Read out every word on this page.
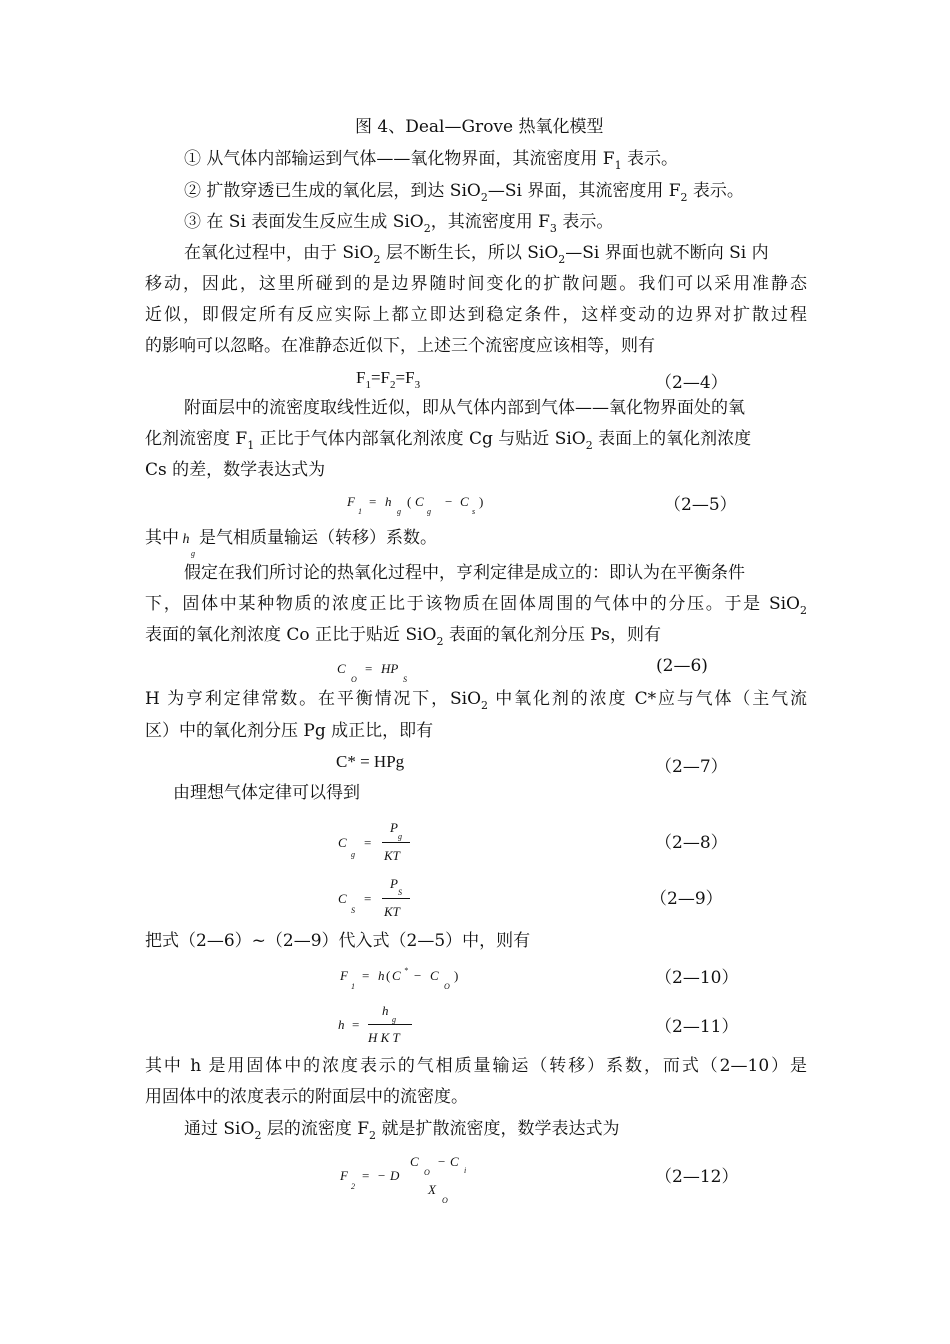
图 4、Deal—Grove 热氧化模型
① 从气体内部输运到气体——氧化物界面，其流密度用 $F_1$ 表示。
② 扩散穿透已生成的氧化层，到达 SiO$_2$—Si 界面，其流密度用 $F_2$ 表示。
③ 在 Si 表面发生反应生成 SiO$_2$，其流密度用 $F_3$ 表示。
在氧化过程中，由于 SiO$_2$ 层不断生长，所以 SiO$_2$—Si 界面也就不断向 Si 内
移动，因此，这里所碰到的是边界随时间变化的扩散问题。我们可以采用准静态
近似，即假定所有反应实际上都立即达到稳定条件，这样变动的边界对扩散过程
的影响可以忽略。在准静态近似下，上述三个流密度应该相等，则有
$F_1=F_2=F_3$	（2—4）
附面层中的流密度取线性近似，即从气体内部到气体——氧化物界面处的氧
化剂流密度 $F_1$ 正比于气体内部氧化剂浓度 Cg 与贴近 SiO$_2$ 表面上的氧化剂浓度
Cs 的差，数学表达式为
F
1
= h
g
( C
g
− C
s
)	（2—5）
其中 h
g
是气相质量输运（转移）系数。
假定在我们所讨论的热氧化过程中，亨利定律是成立的：即认为在平衡条件
下，固体中某种物质的浓度正比于该物质在固体周围的气体中的分压。于是 SiO$_2$
表面的氧化剂浓度 Co 正比于贴近 SiO$_2$ 表面的氧化剂分压 Ps，则有
C
O
= HP
S
(2—6)
H 为亨利定律常数。在平衡情况下，SiO$_2$ 中氧化剂的浓度 C*应与气体（主气流
区）中的氧化剂分压 Pg 成正比，即有
C* = HPg	（2—7）
由理想气体定律可以得到
C
g
=
P
g
KT
（2—8）
C
S
=
P
S
KT
（2—9）
把式（2—6）~（2—9）代入式（2—5）中，则有
F
1
= h ( C * − C
O
)	（2—10）
h =
h
g
H K T
（2—11）
其中 h 是用固体中的浓度表示的气相质量输运（转移）系数，而式（2—10）是
用固体中的浓度表示的附面层中的流密度。
通过 SiO$_2$ 层的流密度 $F_2$ 就是扩散流密度，数学表达式为
F
2
= − D
C
O
− C
i
X
O
（2—12）
